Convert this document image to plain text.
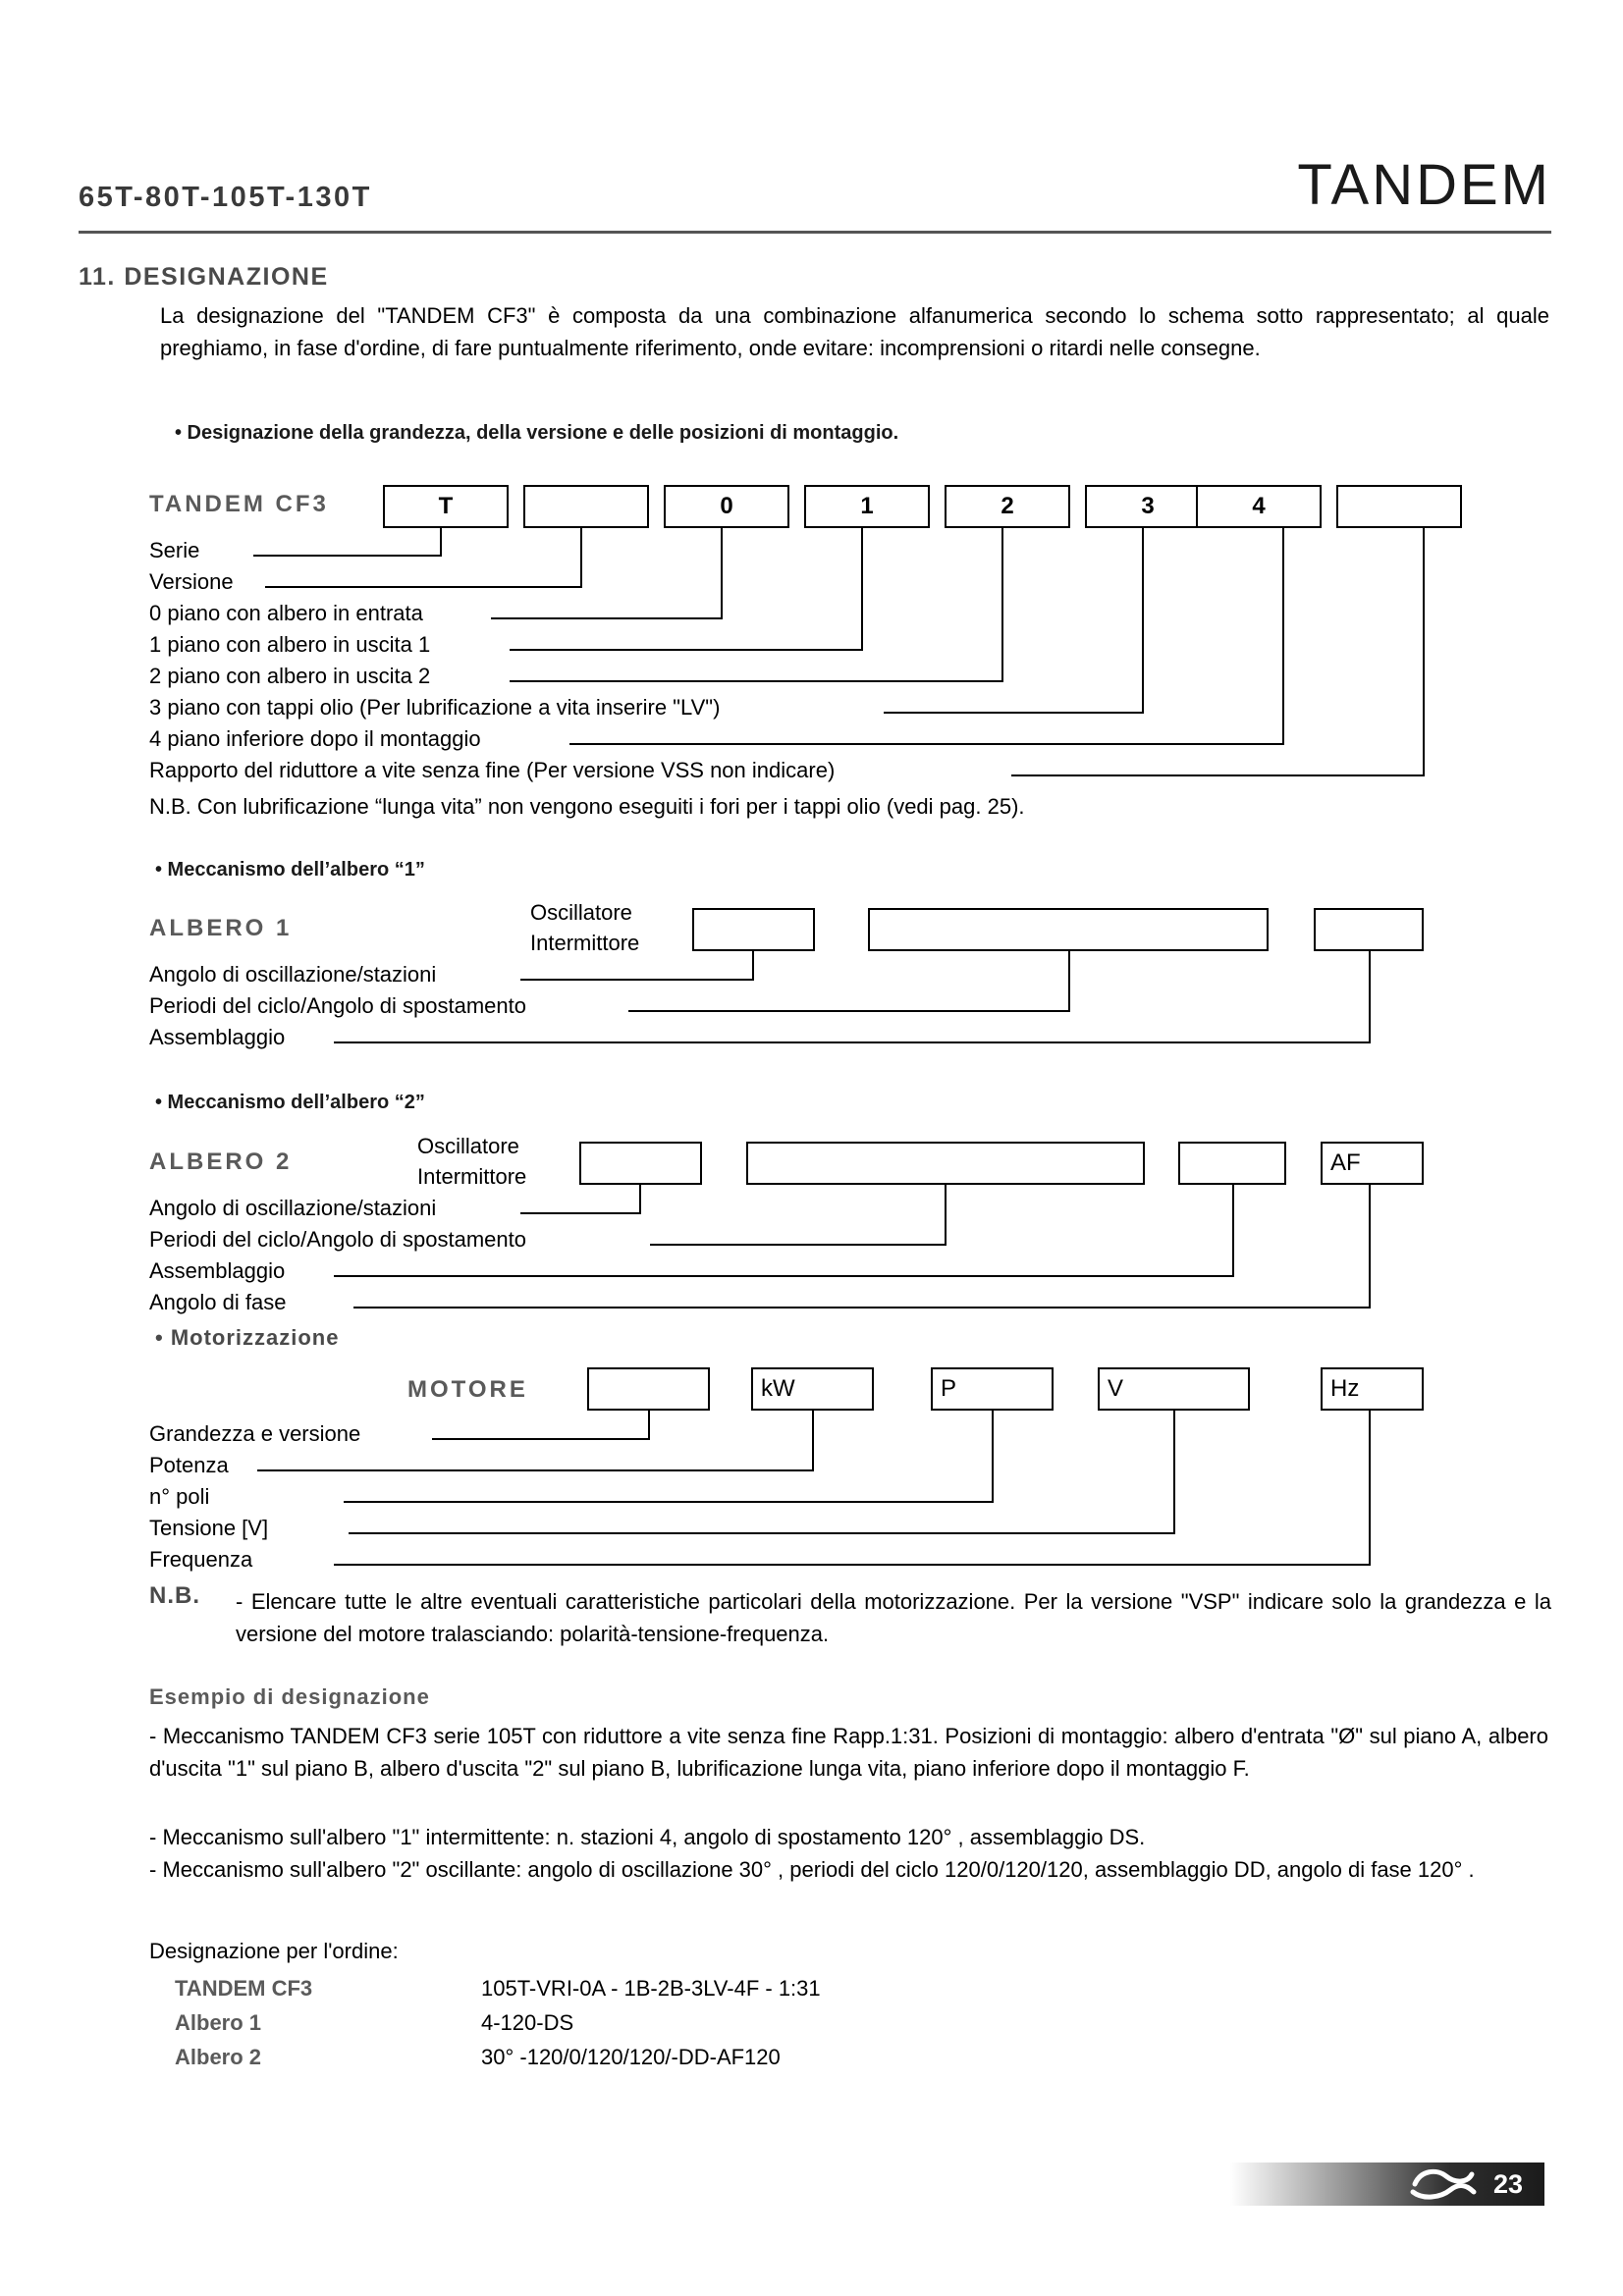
65T-80T-105T-130T	TANDEM
11. DESIGNAZIONE
La designazione del "TANDEM CF3" è composta da una combinazione alfanumerica secondo lo schema sotto rappresentato; al quale preghiamo, in fase d'ordine, di fare puntualmente riferimento, onde evitare: incomprensioni o ritardi nelle consegne.
• Designazione della grandezza, della versione e delle posizioni di montaggio.
TANDEM CF3	T	0	1	2	3	4
Serie
Versione
0 piano con albero in entrata
1 piano con albero in uscita 1
2 piano con albero in uscita 2
3 piano con tappi olio (Per lubrificazione a vita inserire "LV")
4 piano inferiore dopo il montaggio
Rapporto del riduttore a vite senza fine (Per versione VSS non indicare)
N.B. Con lubrificazione “lunga vita” non vengono eseguiti i fori per i tappi olio (vedi pag. 25).
• Meccanismo dell’albero “1”
ALBERO 1
Oscillatore
Intermittore
Angolo di oscillazione/stazioni
Periodi del ciclo/Angolo di spostamento
Assemblaggio
• Meccanismo dell’albero “2”
ALBERO 2
Oscillatore
Intermittore
AF
Angolo di oscillazione/stazioni
Periodi del ciclo/Angolo di spostamento
Assemblaggio
Angolo di fase
• Motorizzazione
MOTORE	kW	P	V	Hz
Grandezza e versione
Potenza
n° poli
Tensione [V]
Frequenza
N.B. - Elencare tutte le altre eventuali caratteristiche particolari della motorizzazione. Per la versione "VSP" indicare solo la grandezza e la versione del motore tralasciando: polarità-tensione-frequenza.
Esempio di designazione
- Meccanismo TANDEM CF3 serie 105T con riduttore a vite senza fine Rapp.1:31. Posizioni di montaggio: albero d'entrata "Ø" sul piano A, albero d'uscita "1" sul piano B, albero d'uscita "2" sul piano B, lubrificazione lunga vita, piano inferiore dopo il montaggio F.
- Meccanismo sull'albero "1" intermittente: n. stazioni 4, angolo di spostamento 120° , assemblaggio DS.
- Meccanismo sull'albero "2" oscillante: angolo di oscillazione 30° , periodi del ciclo 120/0/120/120, assemblaggio DD, angolo di fase 120° .
Designazione per l'ordine:
TANDEM CF3	105T-VRI-0A - 1B-2B-3LV-4F - 1:31
Albero 1	4-120-DS
Albero 2	30° -120/0/120/120/-DD-AF120
23
